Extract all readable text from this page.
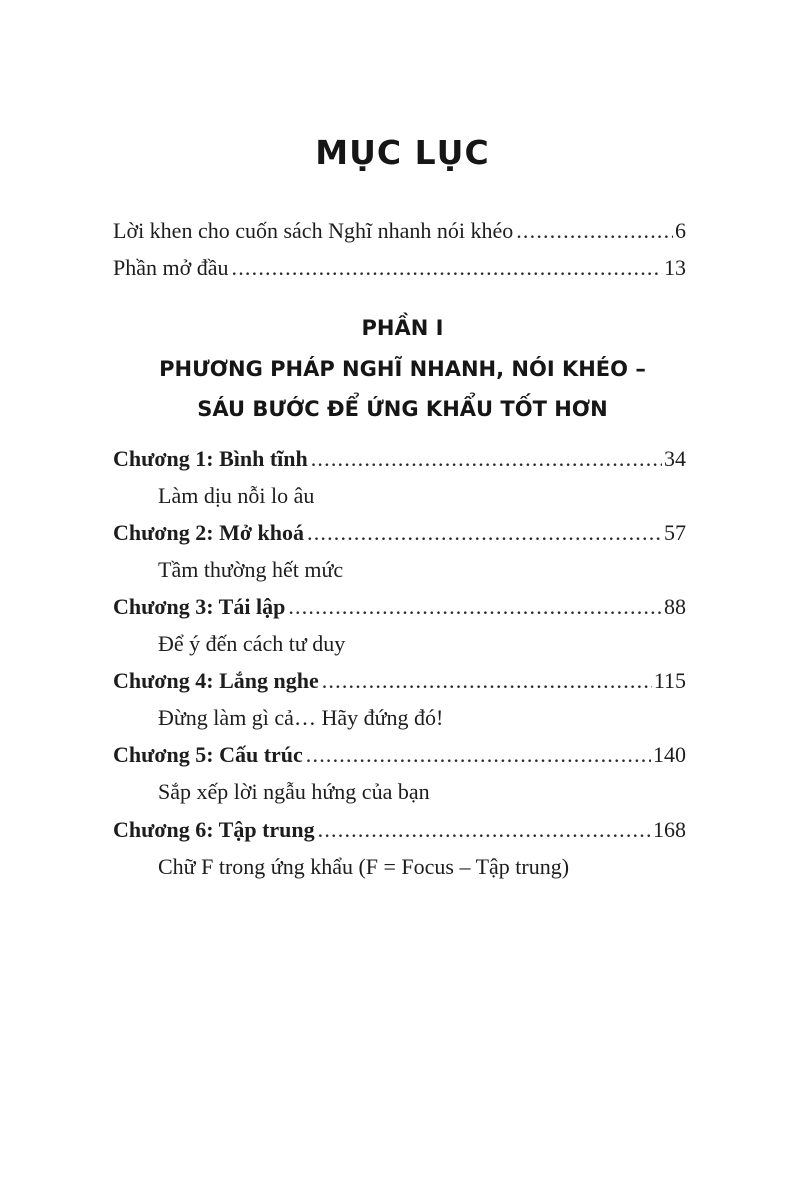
MỤC LỤC
Lời khen cho cuốn sách Nghĩ nhanh nói khéo .....	6
Phần mở đầu .....	13
PHẦN I
PHƯƠNG PHÁP NGHĨ NHANH, NÓI KHÉO –
SÁU BƯỚC ĐỂ ỨNG KHẨU TỐT HƠN
Chương 1: Bình tĩnh .....	34
Làm dịu nỗi lo âu
Chương 2: Mở khoá .....	57
Tầm thường hết mức
Chương 3: Tái lập .....	88
Để ý đến cách tư duy
Chương 4: Lắng nghe .....	115
Đừng làm gì cả… Hãy đứng đó!
Chương 5: Cấu trúc .....	140
Sắp xếp lời ngẫu hứng của bạn
Chương 6: Tập trung .....	168
Chữ F trong ứng khẩu (F = Focus – Tập trung)
